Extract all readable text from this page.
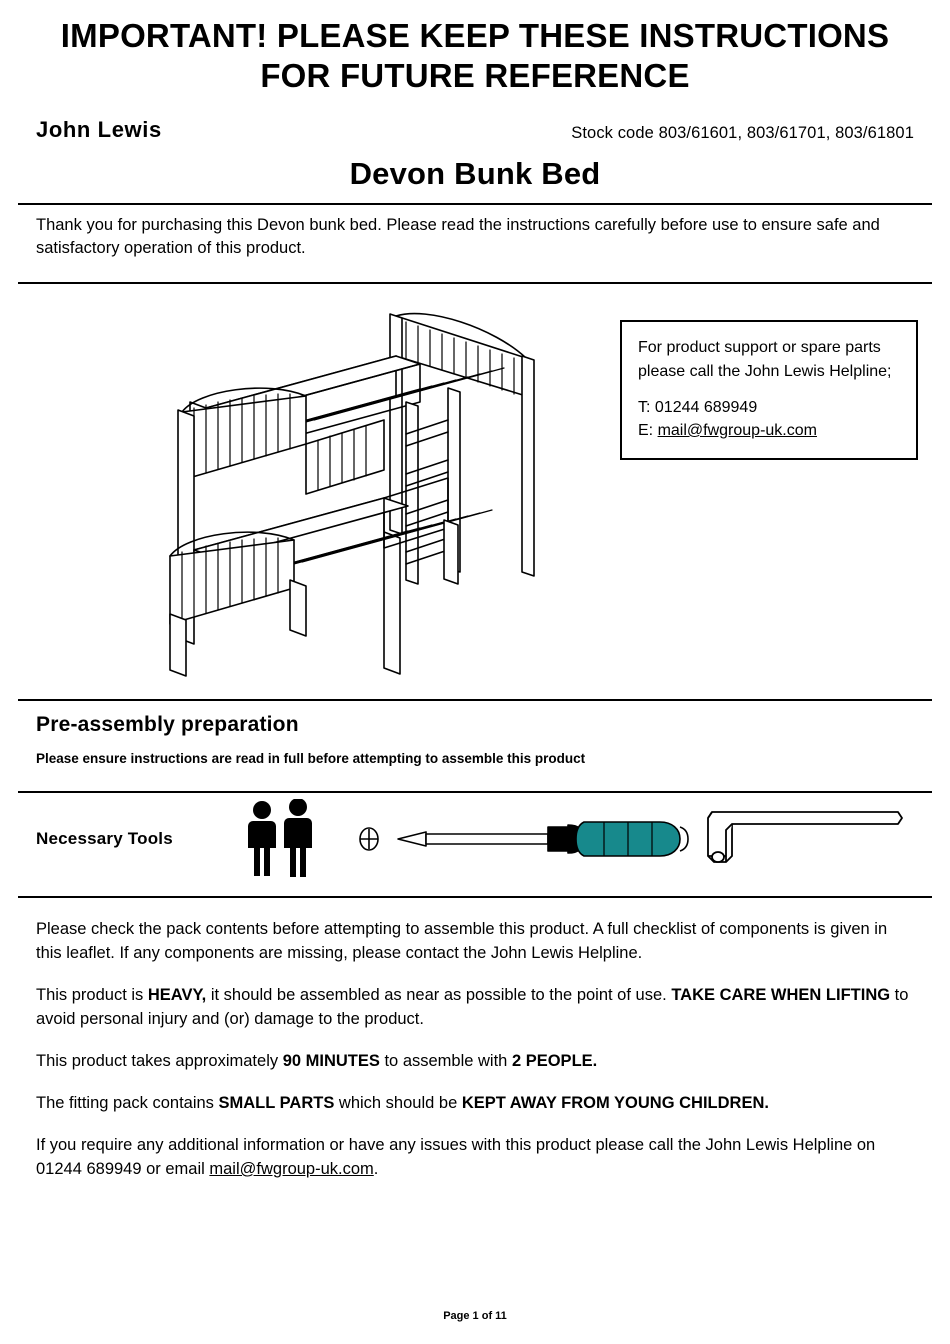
IMPORTANT! PLEASE KEEP THESE INSTRUCTIONS FOR FUTURE REFERENCE
John Lewis	Stock code 803/61601, 803/61701, 803/61801
Devon Bunk Bed
Thank you for purchasing this Devon bunk bed. Please read the instructions carefully before use to ensure safe and satisfactory operation of this product.
For product support or spare parts please call the John Lewis Helpline;
T: 01244 689949
E: mail@fwgroup-uk.com
Pre-assembly preparation
Please ensure instructions are read in full before attempting to assemble this product
Necessary Tools

Please check the pack contents before attempting to assemble this product. A full checklist of components is given in this leaflet. If any components are missing, please contact the John Lewis Helpline.

This product is HEAVY, it should be assembled as near as possible to the point of use. TAKE CARE WHEN LIFTING to avoid personal injury and (or) damage to the product.

This product takes approximately 90 MINUTES to assemble with 2 PEOPLE.

The fitting pack contains SMALL PARTS which should be KEPT AWAY FROM YOUNG CHILDREN.

If you require any additional information or have any issues with this product please call the John Lewis Helpline on 01244 689949 or email mail@fwgroup-uk.com.

Page 1 of 11
